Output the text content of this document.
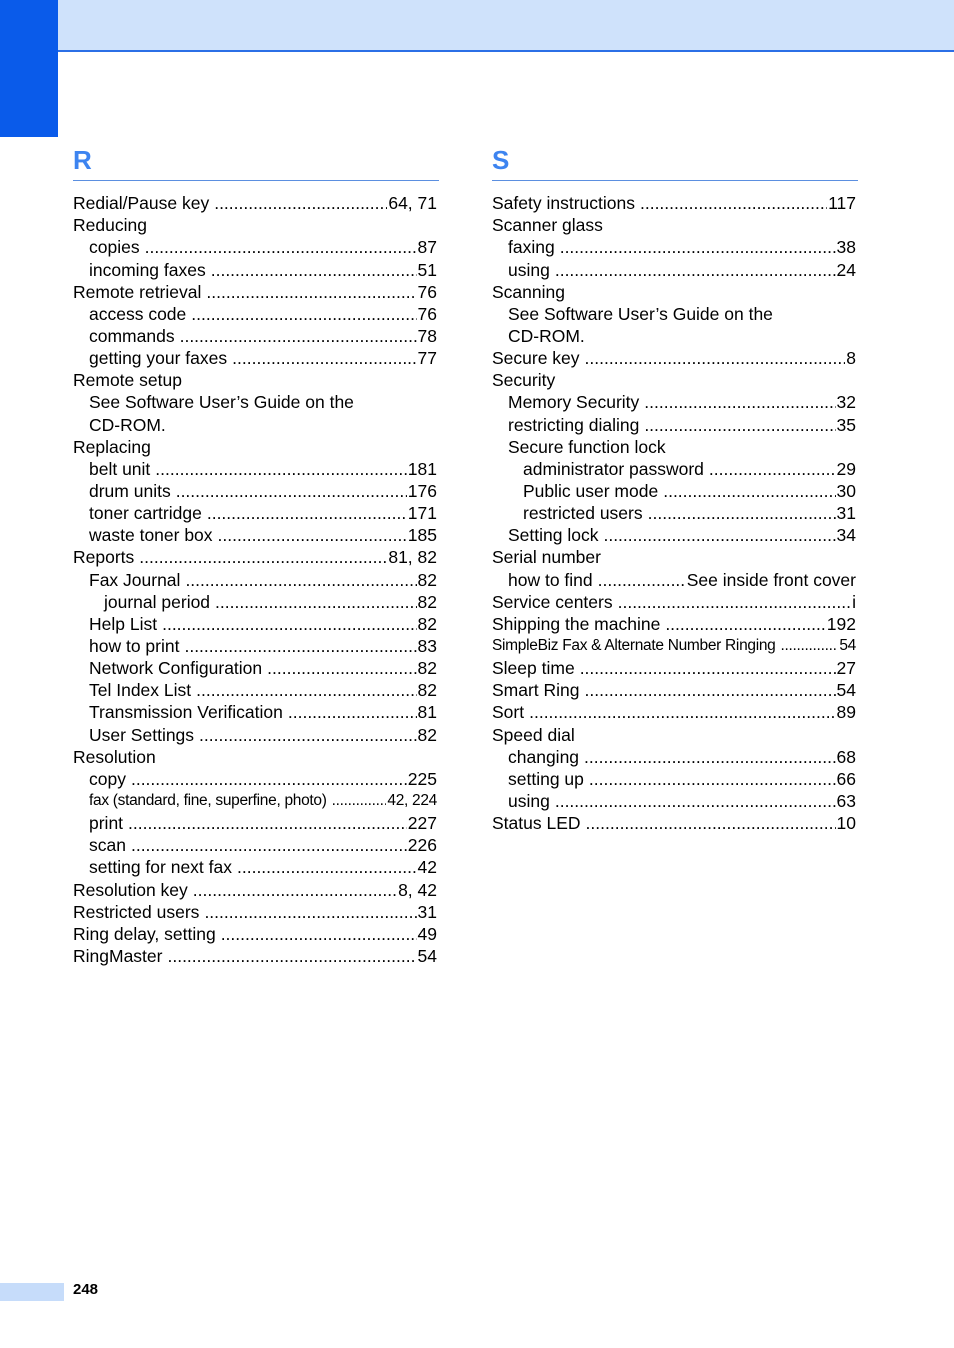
R
Redial/Pause key .....	64, 71
Reducing
copies .....	87
incoming faxes .....	51
Remote retrieval .....	76
access code .....	76
commands .....	78
getting your faxes .....	77
Remote setup
See Software User’s Guide on the
CD-ROM.
Replacing
belt unit .....	181
drum units .....	176
toner cartridge .....	171
waste toner box .....	185
Reports .....	81, 82
Fax Journal .....	82
journal period .....	82
Help List .....	82
how to print .....	83
Network Configuration .....	82
Tel Index List .....	82
Transmission Verification .....	81
User Settings .....	82
Resolution
copy .....	225
fax (standard, fine, superfine, photo) .....	42, 224
print .....	227
scan .....	226
setting for next fax .....	42
Resolution key .....	8, 42
Restricted users .....	31
Ring delay, setting .....	49
RingMaster .....	54
S
Safety instructions .....	117
Scanner glass
faxing .....	38
using .....	24
Scanning
See Software User’s Guide on the
CD-ROM.
Secure key .....	8
Security
Memory Security .....	32
restricting dialing .....	35
Secure function lock
administrator password .....	29
Public user mode .....	30
restricted users .....	31
Setting lock .....	34
Serial number
how to find .....	See inside front cover
Service centers .....	i
Shipping the machine .....	192
SimpleBiz Fax & Alternate Number Ringing .....	54
Sleep time .....	27
Smart Ring .....	54
Sort .....	89
Speed dial
changing .....	68
setting up .....	66
using .....	63
Status LED .....	10
248
